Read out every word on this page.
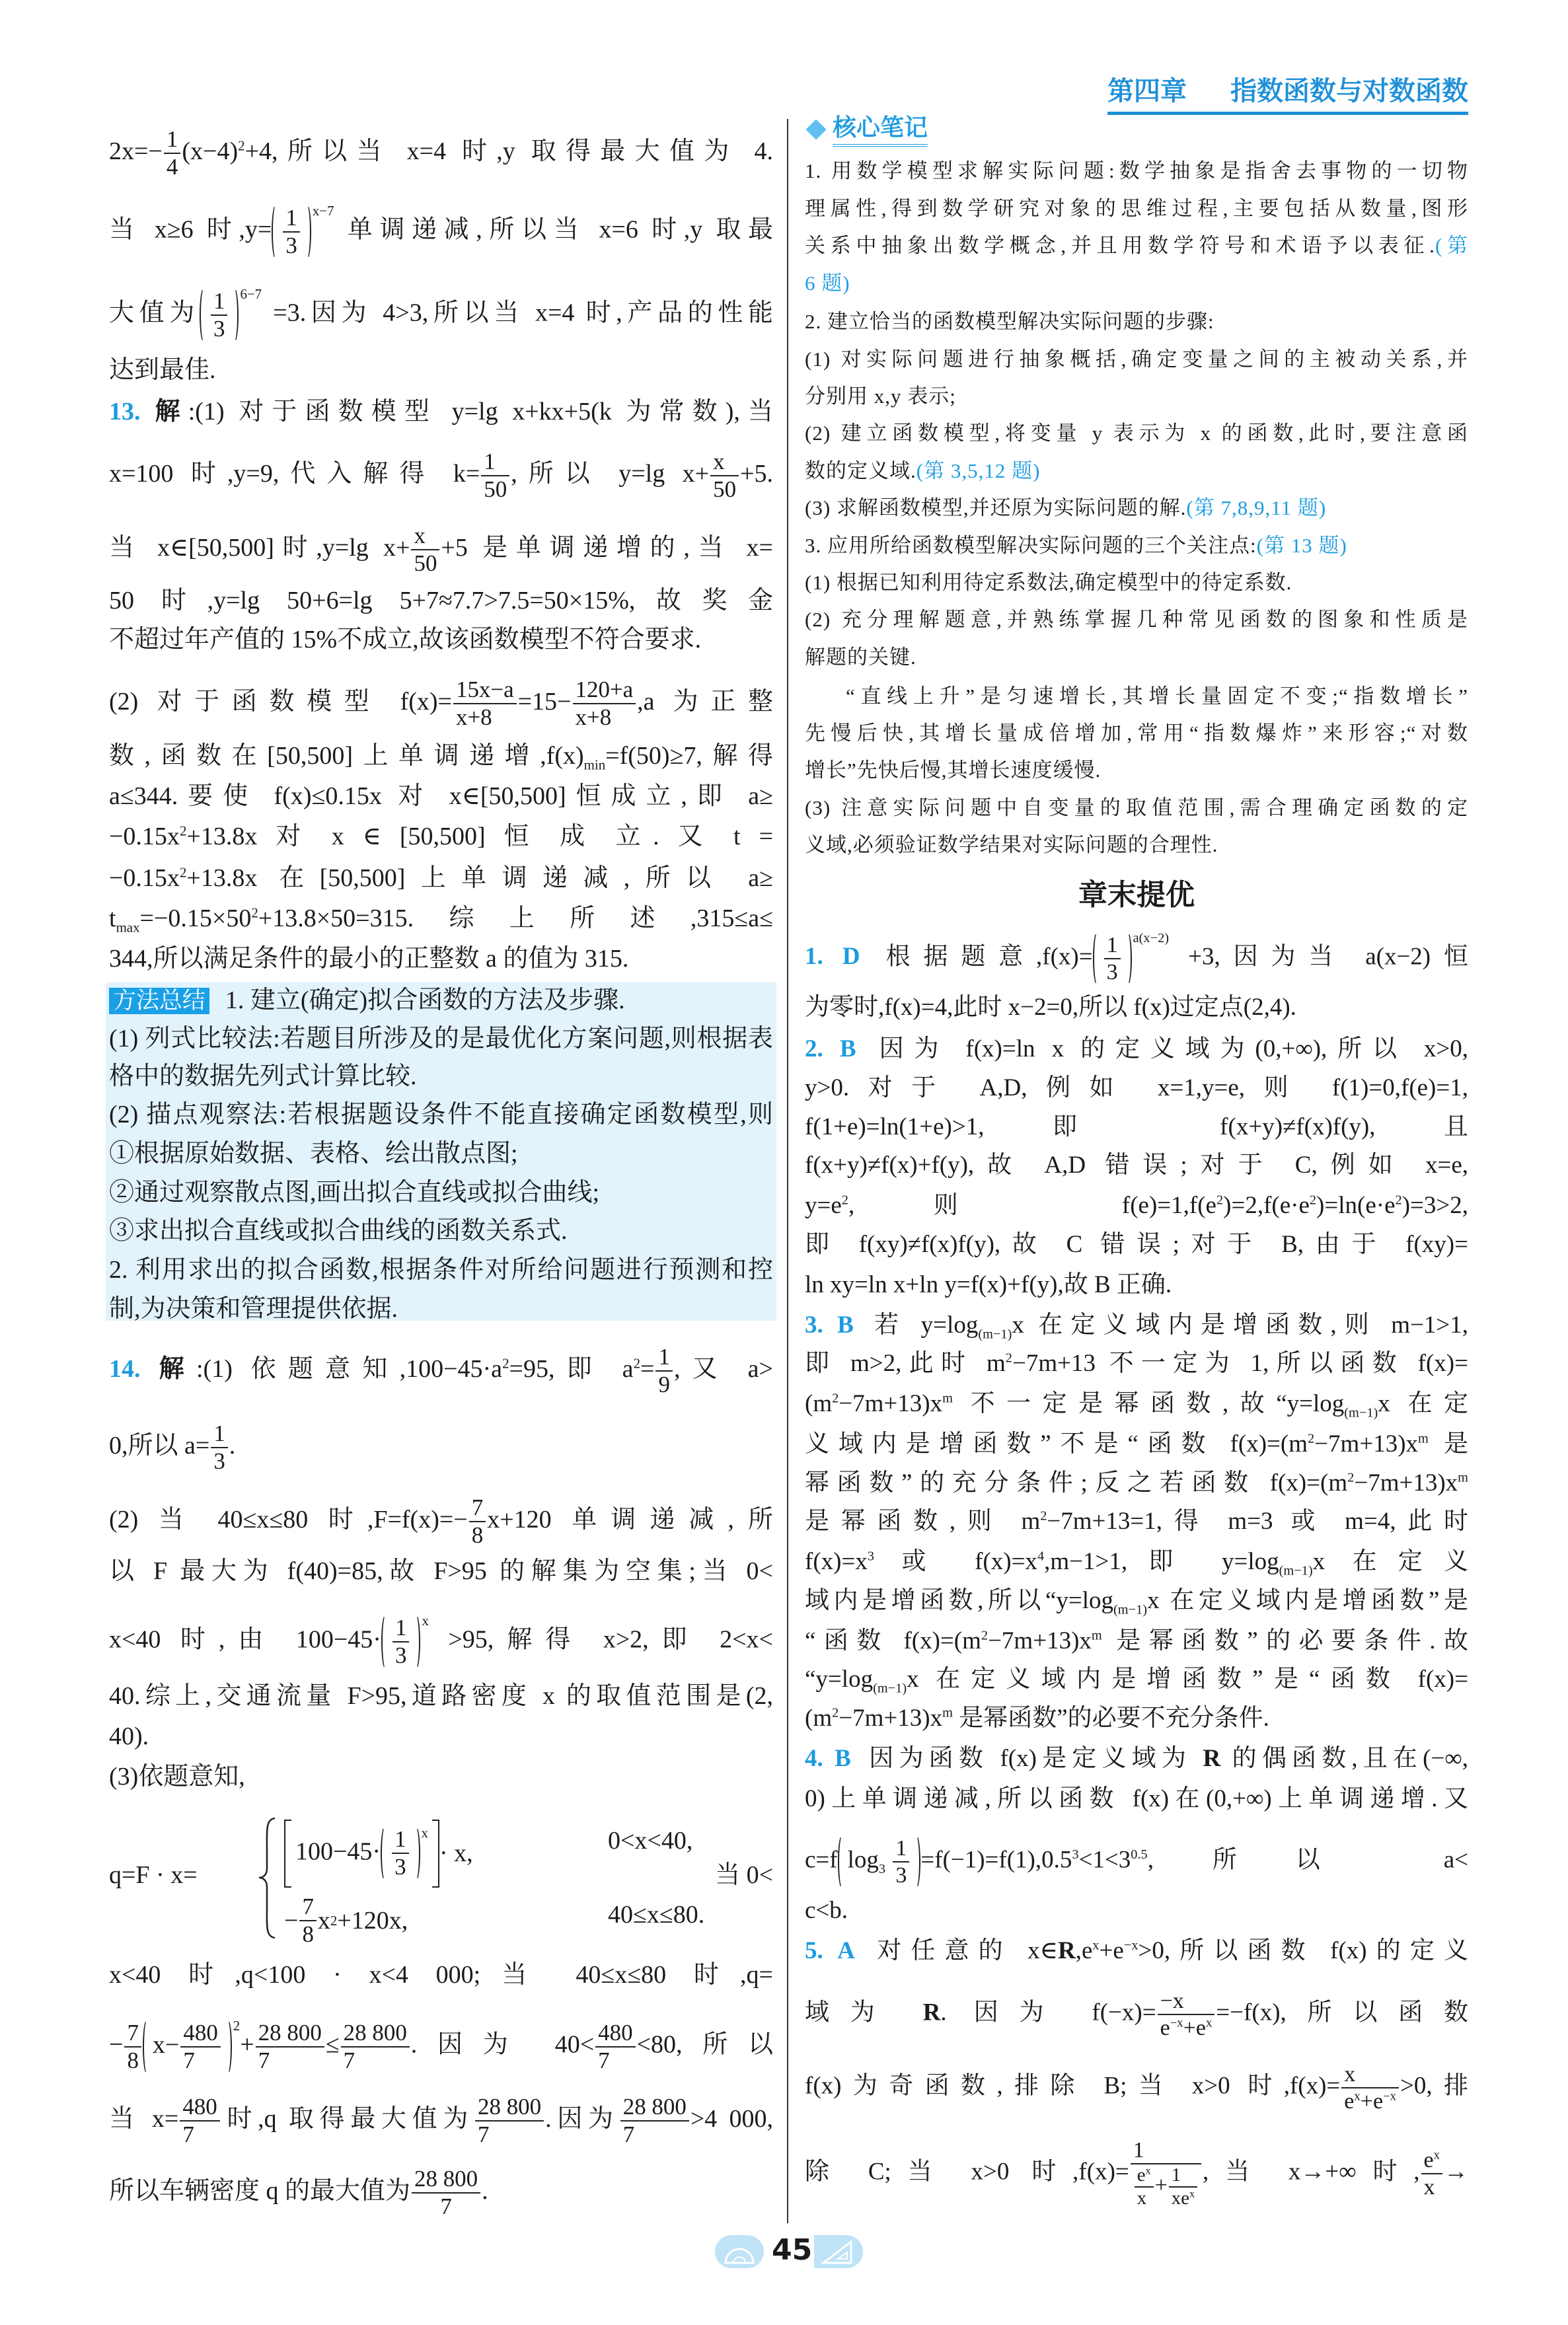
第四章 指数函数与对数函数
核心笔记
章末提优
$2x=- \frac{1}{4} (x-4)^2+4$,所以当 x=4 时,y 取得最大值为 4.
当 x≥6 时$,y= \frac{1}{3} x-7$
单调递减,所以当 x=6 时,y 取最
大值为 $\frac{1}{3} 6-7$
=3.因为 4>3,所以当 x=4 时,产品的性能
达到最佳.
13. 解:(1) 对于函数模型 y=lg x+kx+5(k 为常数),当
x=100 时,y=9,代入解得 $k= \frac{1}{50}$ ,所以 y=lg $x+ \frac{x}{50} +5$.
当 x∈[50,500]时,y=lg $x+ \frac{x}{50} +5$ 是单调递增的,当 x=
50 时,y=lg 50+6=lg 5+7≈7.7>7.5=50×15%,故奖金
不超过年产值的 15%不成立,故该函数模型不符合要求.
(2) 对于函数模型 $f(x)= \frac{15x-a}{x+8} =15- \frac{120+a}{x+8} ,a$ 为正整
数,函数在[50,500]上单调递增$,f(x)_{min}=f(50)\ge 7$,解得
a≤344.要使 f(x)≤0.15x 对 x∈[50,500]恒成立,即 a≥
$-0.15x^2+13.8x$ 对 x ∈ [50,500] 恒 成 立. 又 t =
$-0.15x^2+13.8x$ 在[50,500]上单调递减,所以 a≥
$t_{max}=-0.15\times 50^2+13.8\times 50=315$.综上所述,315≤a≤
344,所以满足条件的最小的正整数 a 的值为 315.
方法总结 1. 建立(确定)拟合函数的方法及步骤.
(1) 列式比较法:若题目所涉及的是最优化方案问题,则根据表
格中的数据先列式计算比较.
(2) 描点观察法:若根据题设条件不能直接确定函数模型,则
①根据原始数据、表格、绘出散点图;
②通过观察散点图,画出拟合直线或拟合曲线;
③求出拟合直线或拟合曲线的函数关系式.
2. 利用求出的拟合函数,根据条件对所给问题进行预测和控
制,为决策和管理提供依据.
14. 解:(1) 依题意知$,100-45\cdot a^2=95$,即 $a^2= \frac{1}{9}$ ,又 a>
0,所以 $a= \frac{1}{3}$ .
(2) 当 40≤x≤80 时$,F=f(x)=- \frac{7}{8} x+120$ 单调递减,所
以 F 最大为 f(40)=85,故 F>95 的解集为空集;当 0<
x<40 时,由 $100-45\cdot \frac{1}{3}$ x
>95,解得 x>2,即 2<x<
40.综上,交通流量 F>95,道路密度 x 的取值范围是(2,
40).
(3)依题意知,
x<40 时,q<100 · x<4 000;当 40≤x≤80 时,q=
− $\frac{7}{8} x- \frac{480}{7} 2$
+ $\frac{28 800}{7} \le \frac{28 800}{7}$ .因为 $40< \frac{480}{7} <80$,所以
当 $x= \frac{480}{7}$ 时,q 取得最大值为 $\frac{28 800}{7}$ .因为 $\frac{28 800}{7} >4$ 000,
所以车辆密度 q 的最大值为 $\frac{28 800}{7}$ .
1. 用数学模型求解实际问题:数学抽象是指舍去事物的一切物
理属性,得到数学研究对象的思维过程,主要包括从数量,图形
关系中抽象出数学概念,并且用数学符号和术语予以表征.(第
6 题)
2. 建立恰当的函数模型解决实际问题的步骤:
(1) 对实际问题进行抽象概括,确定变量之间的主被动关系,并
分别用 x,y 表示;
(2) 建立函数模型,将变量 y 表示为 x 的函数,此时,要注意函
数的定义域.(第 3,5,12 题)
(3) 求解函数模型,并还原为实际问题的解.(第 7,8,9,11 题)
3. 应用所给函数模型解决实际问题的三个关注点:(第 13 题)
(1) 根据已知利用待定系数法,确定模型中的待定系数.
(2) 充分理解题意,并熟练掌握几种常见函数的图象和性质是
解题的关键.
“直线上升”是匀速增长,其增长量固定不变;“指数增长”
先慢后快,其增长量成倍增加,常用“指数爆炸”来形容;“对数
增长”先快后慢,其增长速度缓慢.
(3) 注意实际问题中自变量的取值范围,需合理确定函数的定
义域,必须验证数学结果对实际问题的合理性.
1. D 根据题意$,f(x)= \frac{1}{3} a(x-2)$
+3,因为当 a(x−2)恒
为零时,f(x)=4,此时 x−2=0,所以 f(x)过定点(2,4).
2. B 因为 f(x)=ln x 的定义域为(0,+∞),所以 x>0,
y>0.对于 A,D,例如 x=1,y=e,则 f(1)=0,f(e)=1,
f(1+e)=ln(1+e)>1,即 f(x+y)≠f(x)f(y),且
f(x+y)≠f(x)+f(y),故 A,D 错误;对于 C,例如 x=e,
$y=e^2$,则 $f(e)=1,f(e^2)=2,f(e\cdot e^2)=\ln(e\cdot e^2)=3>2$,
即 f(xy)≠f(x)f(y),故 C 错误;对于 B,由于 f(xy)=
ln xy=ln x+ln y=f(x)+f(y),故 B 正确.
3. B 若 $y=\log_{(m-1)}x$ 在定义域内是增函数,则 m−1>1,
即 m>2,此时 $m^2-7m+13$ 不一定为 1,所以函数 f(x)=
$(m^2-7m+13)x^m$ 不一定是幂函数,故“$y=\log_{(m-1)}x$ 在定
义域内是增函数”不是“函数 $f(x)=(m^2-7m+13)x^m$ 是
幂函数”的充分条件;反之若函数 $f(x)=(m^2-7m+13)x^m$
是幂函数,则 $m^2-7m+13=1$,得 m=3 或 m=4,此时
$f(x)=x^3$ 或 $f(x)=x^4,m-1>1$,即 $y=\log_{(m-1)}x$ 在定义
域内是增函数,所以“$y=\log_{(m-1)}x$ 在定义域内是增函数”是
“函数 $f(x)=(m^2-7m+13)x^m$ 是幂函数”的必要条件.故
“$y=\log_{(m-1)}x$ 在定义域内是增函数”是“函数 f(x)=
$(m^2-7m+13)x^m$ 是幂函数”的必要不充分条件.
4. B 因为函数 f(x)是定义域为 R 的偶函数,且在(−∞,
0)上单调递减,所以函数 f(x)在(0,+∞)上单调递增.又
c=f $\log_3 \frac{1}{3} =f(-1)=f(1),0.5^3<1<3^{0.5}$,所以 a<
c<b.
5. A 对任意的 $x\in R,e^x+e^{-x}>0$,所以函数 f(x)的定义
域为 R. 因为 $f(-x)= \frac{-x}{e^{-x}+e^x} =-f(x)$,所以函数
f(x)为奇函数,排除 B;当 x>0 时$,f(x)= \frac{x}{e^x+e^{-x}} >0$,排
除 C;当 x>0 时$,f(x)= \frac{1}{\frac{e^x}{x} + \frac{1}{xe^x}}$ ,当 x→+∞时, $\frac{e^x}{x}$ →
q=F · x=
$100-45\cdot \frac{1}{3}$ x
· x,	0<x<40,
− $\frac{7}{8}$ x 2 +120x,	40≤x≤80.
当 0<
45
